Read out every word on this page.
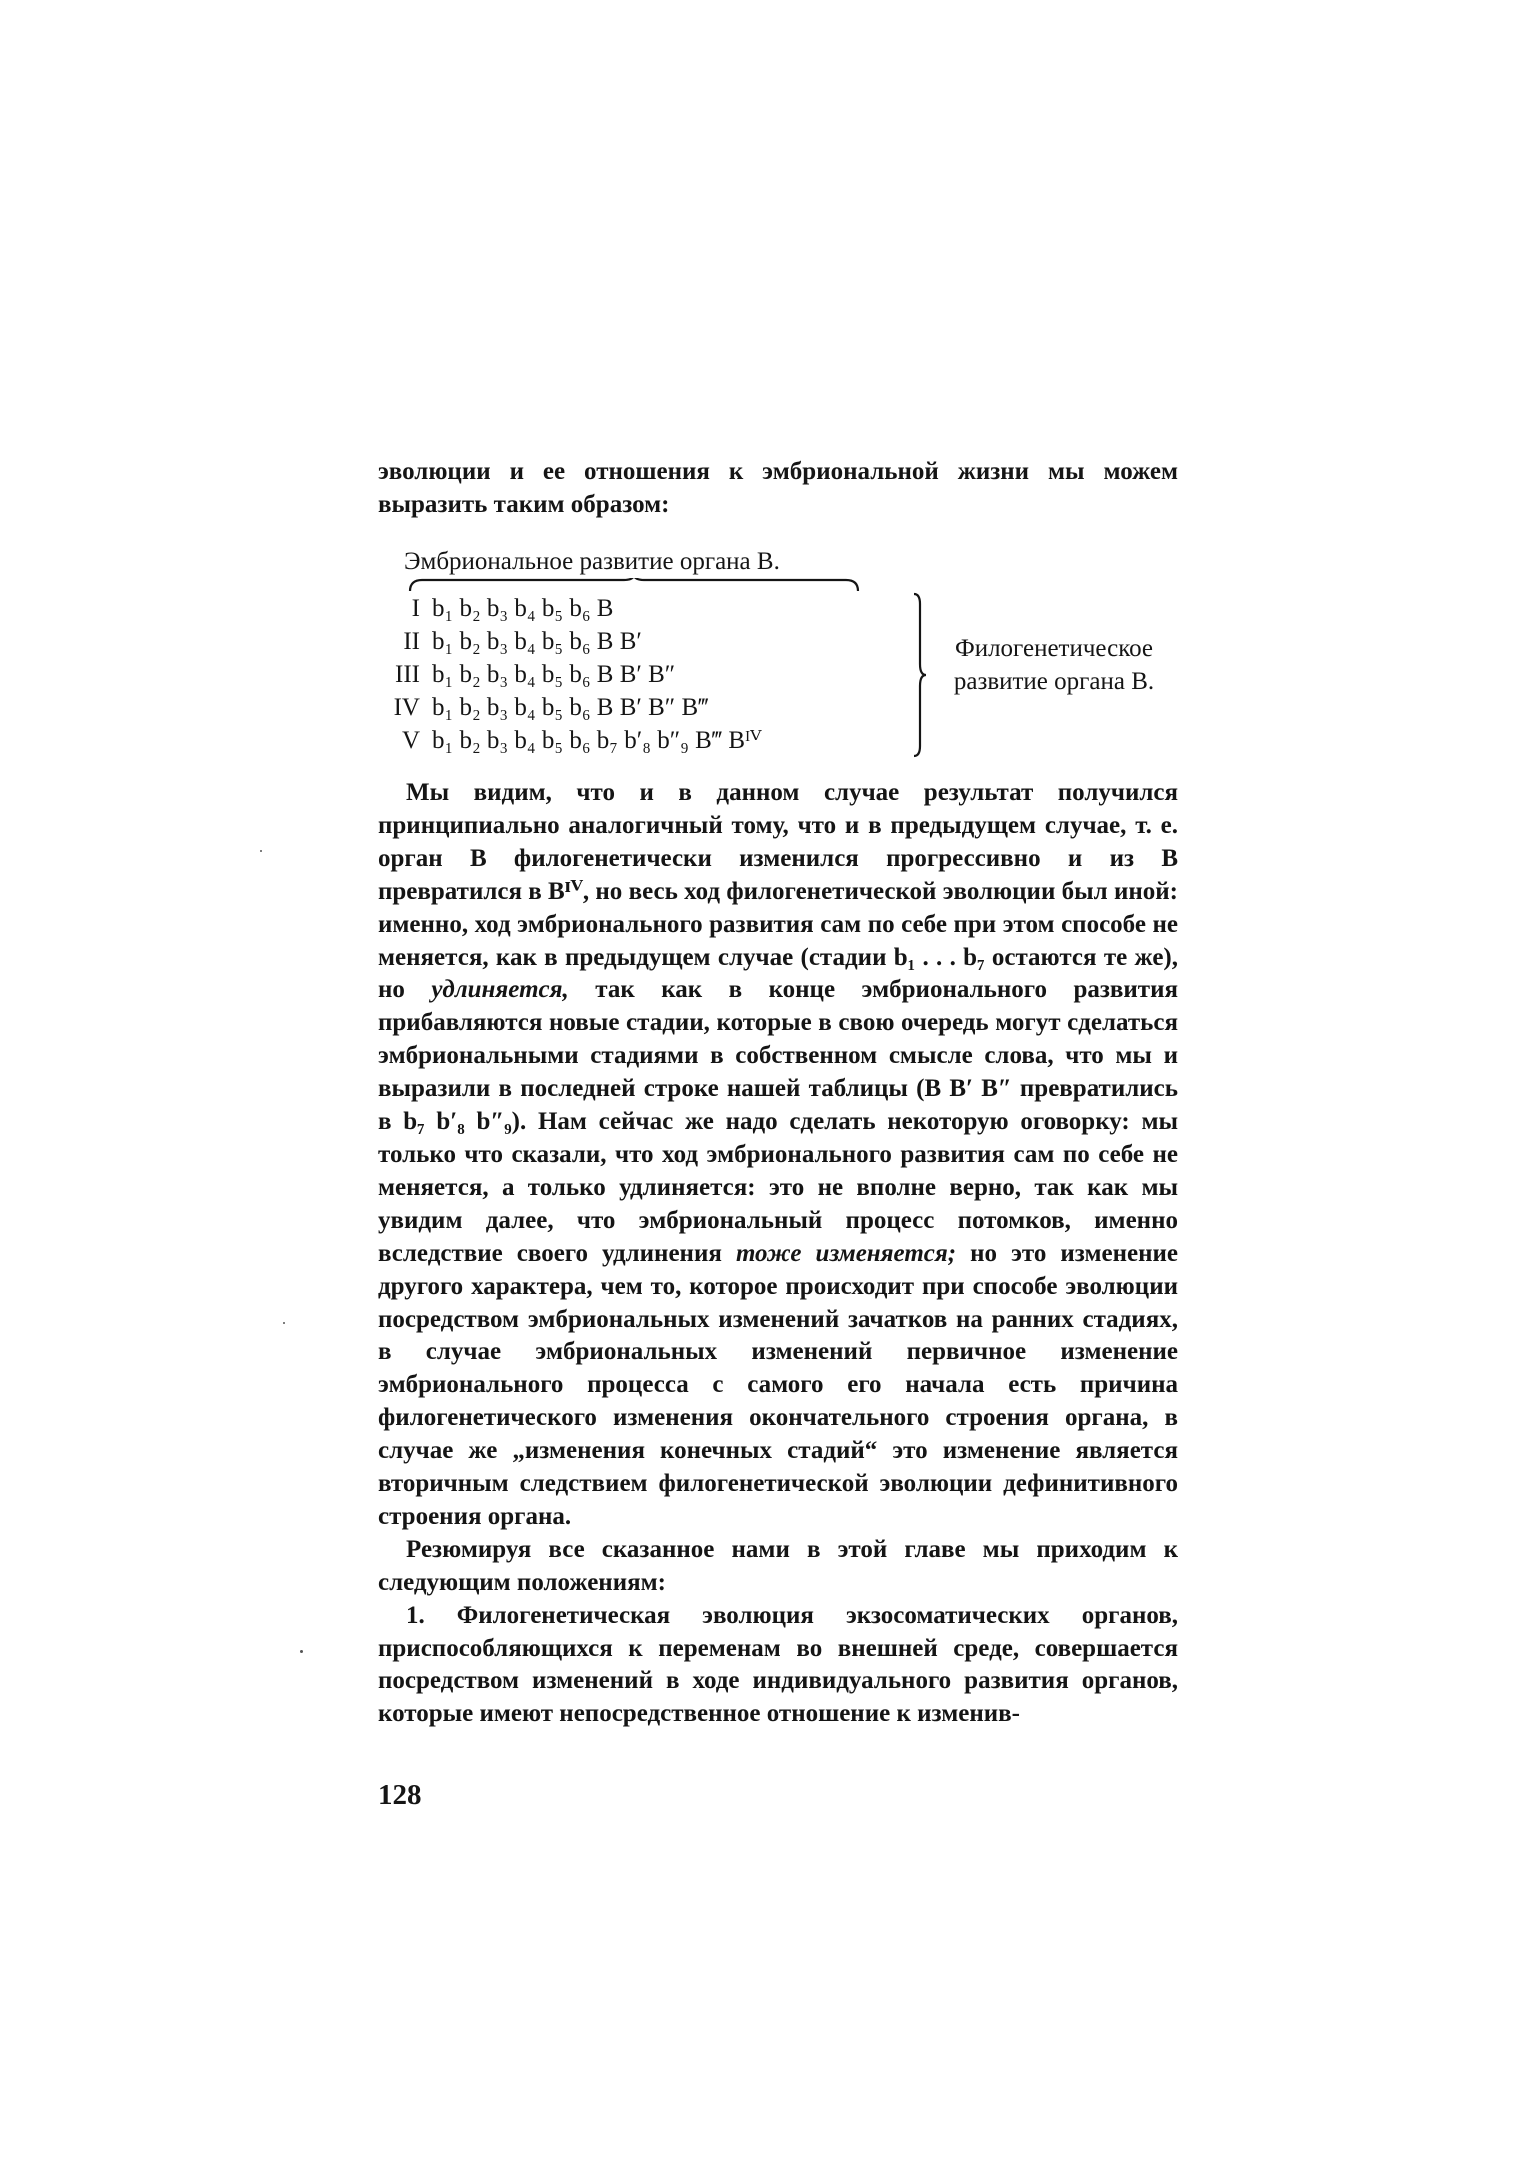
эволюции и ее отношения к эмбриональной жизни мы можем

выразить таким образом:

Эмбриональное развитие органа В.
I b₁ b₂ b₃ b₄ b₅ b₆ B
II b₁ b₂ b₃ b₄ b₅ b₆ B B′
III b₁ b₂ b₃ b₄ b₅ b₆ B B′ B″
IV b₁ b₂ b₃ b₄ b₅ b₆ B B′ B″ B‴
V b₁ b₂ b₃ b₄ b₅ b₆ b₇ b′₈ b″₉ B‴ Bᴵⱽ
Филогенетическое
развитие органа В.

Мы видим, что и в данном случае результат получился принципиально аналогичный тому, что и в предыдущем случае, т. е. орган В филогенетически изменился прогрессивно и из В превратился в Bᴵⱽ, но весь ход филогенетической эволюции был иной: именно, ход эмбрионального развития сам по себе при этом способе не меняется, как в предыдущем случае (стадии b₁ . . . b₇ остаются те же), но удлиняется, так как в конце эмбрионального развития прибавляются новые стадии, которые в свою очередь могут сделаться эмбриональными стадиями в собственном смысле слова, что мы и выразили в последней строке нашей таблицы (В В′ В″ превратились в b₇ b′₈ b″₉). Нам сейчас же надо сделать некоторую оговорку: мы только что сказали, что ход эмбрионального развития сам по себе не меняется, а только удлиняется: это не вполне верно, так как мы увидим далее, что эмбриональный процесс потомков, именно вследствие своего удлинения тоже изменяется; но это изменение другого характера, чем то, которое происходит при способе эволюции посредством эмбриональных изменений зачатков на ранних стадиях, в случае эмбриональных изменений первичное изменение эмбрионального процесса с самого его начала есть причина филогенетического изменения окончательного строения органа, в случае же „изменения конечных стадий“ это изменение является вторичным следствием филогенетической эволюции дефинитивного строения органа.

Резюмируя все сказанное нами в этой главе мы приходим к следующим положениям:

1. Филогенетическая эволюция экзосоматических органов, приспособляющихся к переменам во внешней среде, совершается посредством изменений в ходе индивидуального развития органов, которые имеют непосредственное отношение к изменив-

128
